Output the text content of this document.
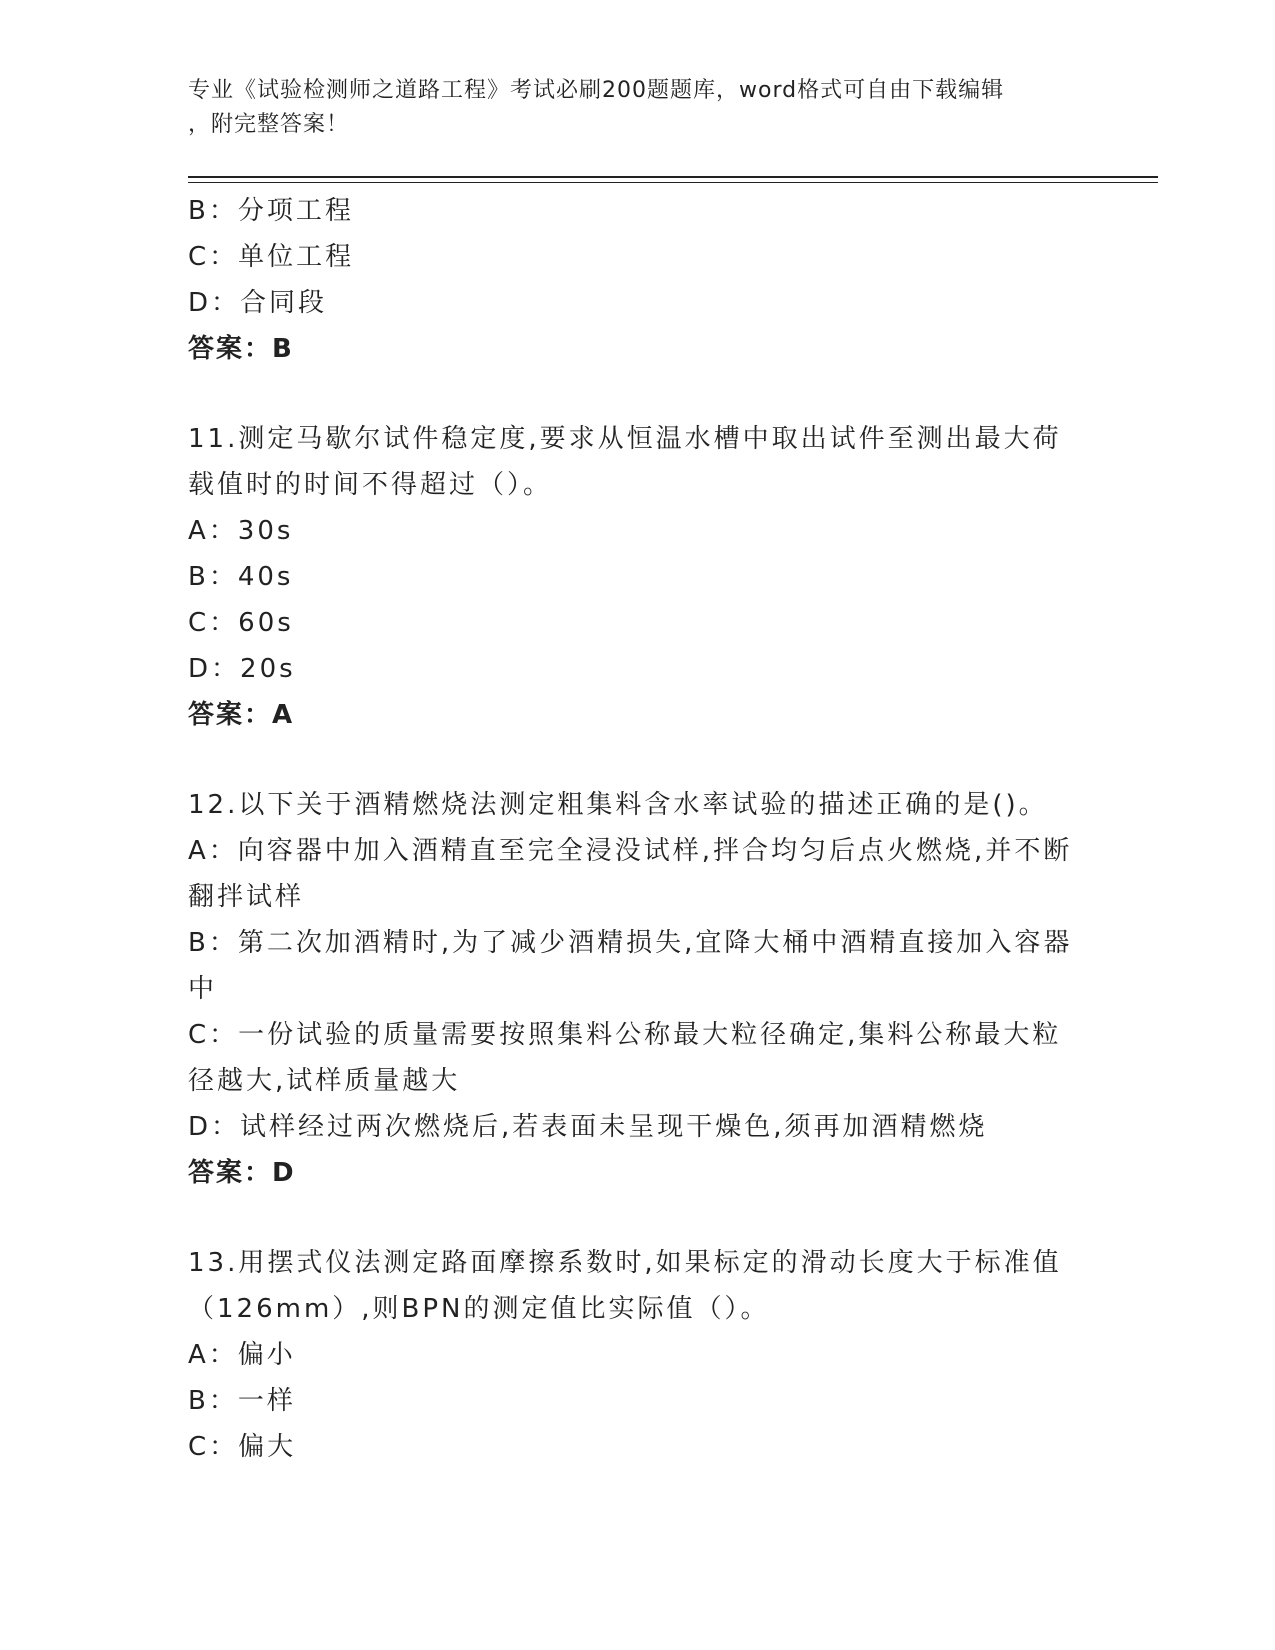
专业《试验检测师之道路工程》考试必刷200题题库，word格式可自由下载编辑
，附完整答案！
B：分项工程
C：单位工程
D：合同段
答案：B
11.测定马歇尔试件稳定度,要求从恒温水槽中取出试件至测出最大荷
载值时的时间不得超过（）。
A：30s
B：40s
C：60s
D：20s
答案：A
12.以下关于酒精燃烧法测定粗集料含水率试验的描述正确的是()。
A：向容器中加入酒精直至完全浸没试样,拌合均匀后点火燃烧,并不断
翻拌试样
B：第二次加酒精时,为了减少酒精损失,宜降大桶中酒精直接加入容器
中
C：一份试验的质量需要按照集料公称最大粒径确定,集料公称最大粒
径越大,试样质量越大
D：试样经过两次燃烧后,若表面未呈现干燥色,须再加酒精燃烧
答案：D
13.用摆式仪法测定路面摩擦系数时,如果标定的滑动长度大于标准值
（126mm）,则BPN的测定值比实际值（）。
A：偏小
B：一样
C：偏大
